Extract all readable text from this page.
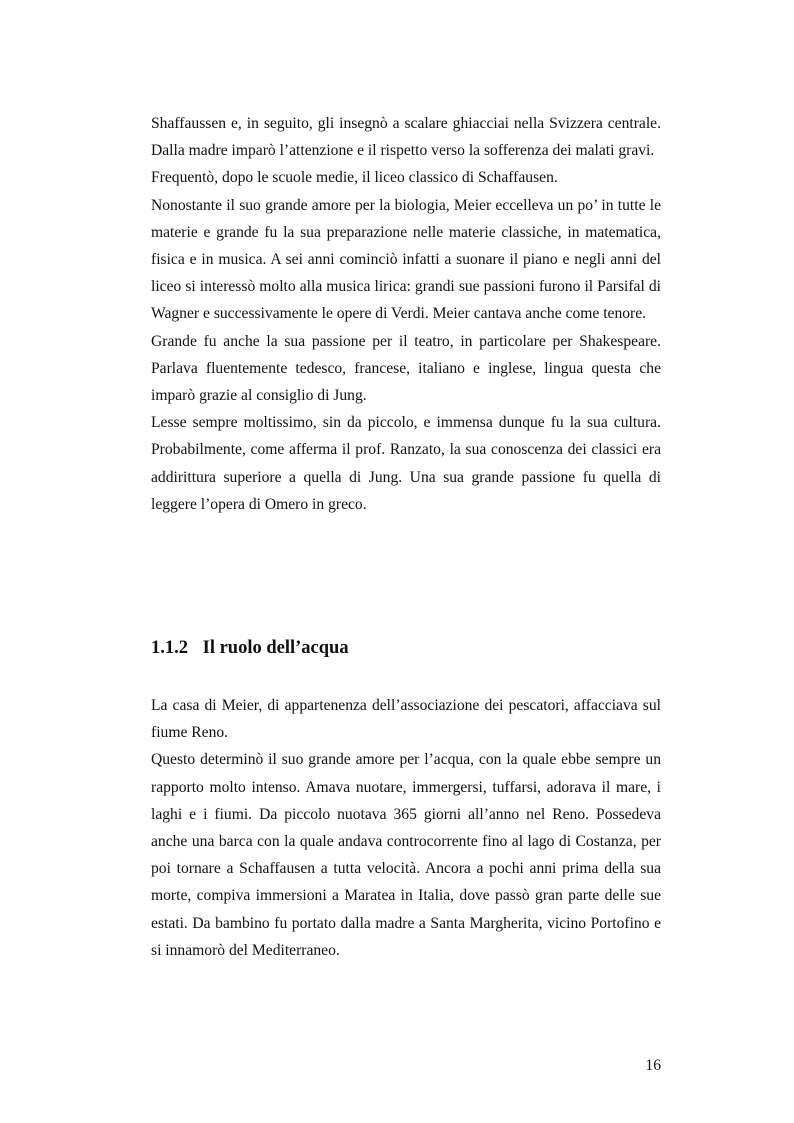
Shaffaussen e, in seguito, gli insegnò a scalare ghiacciai nella Svizzera centrale. Dalla madre imparò l’attenzione e il rispetto verso la sofferenza dei malati gravi.

Frequentò, dopo le scuole medie, il liceo classico di Schaffausen.

Nonostante il suo grande amore per la biologia, Meier eccelleva un po’ in tutte le materie e grande fu la sua preparazione nelle materie classiche, in matematica, fisica e in musica. A sei anni cominciò infatti a suonare il piano e negli anni del liceo si interessò molto alla musica lirica: grandi sue passioni furono il Parsifal di Wagner e successivamente le opere di Verdi. Meier cantava anche come tenore.

Grande fu anche la sua passione per il teatro, in particolare per Shakespeare. Parlava fluentemente tedesco, francese, italiano e inglese, lingua questa che imparò grazie al consiglio di Jung.

Lesse sempre moltissimo, sin da piccolo, e immensa dunque fu la sua cultura. Probabilmente, come afferma il prof. Ranzato, la sua conoscenza dei classici era addirittura superiore a quella di Jung. Una sua grande passione fu quella di leggere l’opera di Omero in greco.

1.1.2 Il ruolo dell’acqua

La casa di Meier, di appartenenza dell’associazione dei pescatori, affacciava sul fiume Reno.

Questo determinò il suo grande amore per l’acqua, con la quale ebbe sempre un rapporto molto intenso. Amava nuotare, immergersi, tuffarsi, adorava il mare, i laghi e i fiumi. Da piccolo nuotava 365 giorni all’anno nel Reno. Possedeva anche una barca con la quale andava controcorrente fino al lago di Costanza, per poi tornare a Schaffausen a tutta velocità. Ancora a pochi anni prima della sua morte, compiva immersioni a Maratea in Italia, dove passò gran parte delle sue estati. Da bambino fu portato dalla madre a Santa Margherita, vicino Portofino e si innamorò del Mediterraneo.

16
